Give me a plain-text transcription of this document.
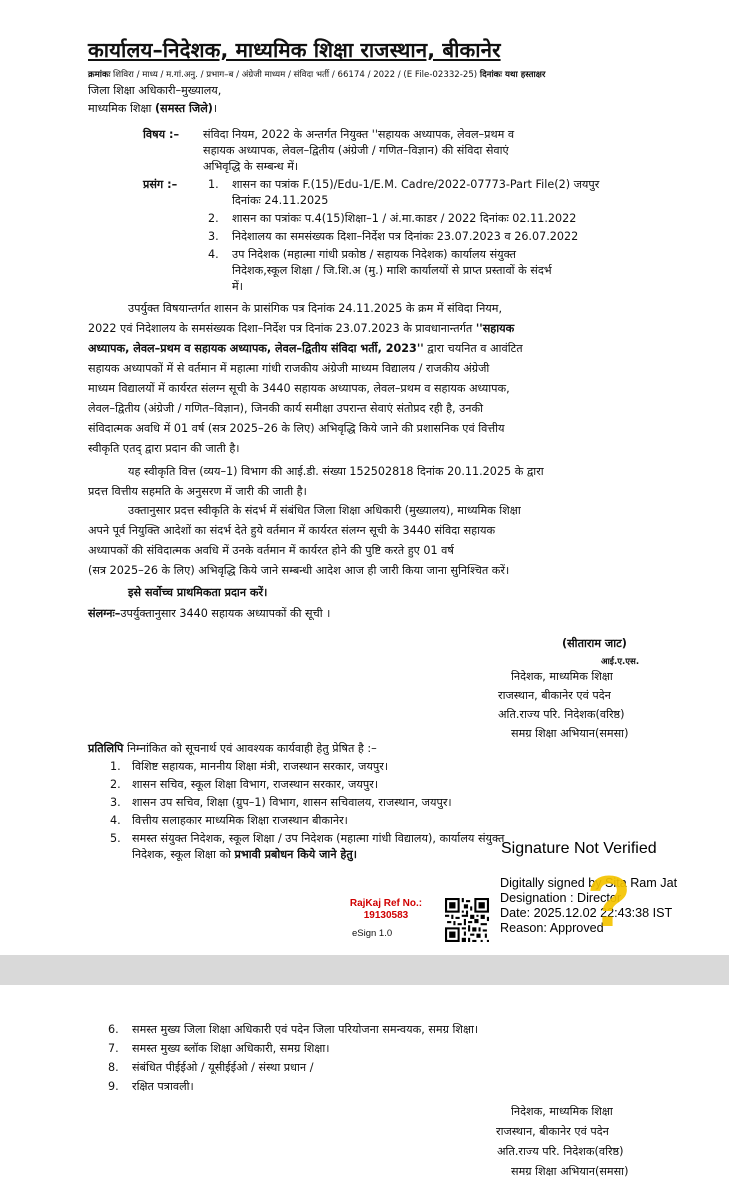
कार्यालय–निदेशक, माध्यमिक शिक्षा राजस्थान, बीकानेर
क्रमांकः शिविरा / माध्य / म.गां.अनु. / प्रभाग–ब / अंग्रेजी माध्यम / संविदा भर्ती / 66174 / 2022 / (E File-02332-25) दिनांकः यथा हस्ताक्षर
जिला शिक्षा अधिकारी–मुख्यालय,
माध्यमिक शिक्षा (समस्त जिले)।
विषय :– संविदा नियम, 2022 के अन्तर्गत नियुक्त ''सहायक अध्यापक, लेवल–प्रथम व
सहायक अध्यापक, लेवल–द्वितीय (अंग्रेजी / गणित–विज्ञान) की संविदा सेवाएं
अभिवृद्धि के सम्बन्ध में।
प्रसंग :–	1. शासन का पत्रांक F.(15)/Edu-1/E.M. Cadre/2022-07773-Part File(2) जयपुर
दिनांकः 24.11.2025
2. शासन का पत्रांकः प.4(15)शिक्षा–1 / अं.मा.काडर / 2022 दिनांकः 02.11.2022
3. निदेशालय का समसंख्यक दिशा–निर्देश पत्र दिनांकः 23.07.2023 व 26.07.2022
4. उप निदेशक (महात्मा गांधी प्रकोष्ठ / सहायक निदेशक) कार्यालय संयुक्त
निदेशक,स्कूल शिक्षा / जि.शि.अ (मु.) माशि कार्यालयों से प्राप्त प्रस्तावों के संदर्भ
में।
उपर्युक्त विषयान्तर्गत शासन के प्रासंगिक पत्र दिनांक 24.11.2025 के क्रम में संविदा नियम,
2022 एवं निदेशालय के समसंख्यक दिशा–निर्देश पत्र दिनांक 23.07.2023 के प्रावधानान्तर्गत ''सहायक
अध्यापक, लेवल–प्रथम व सहायक अध्यापक, लेवल–द्वितीय संविदा भर्ती, 2023'' द्वारा चयनित व आवंटित
सहायक अध्यापकों में से वर्तमान में महात्मा गांधी राजकीय अंग्रेजी माध्यम विद्यालय / राजकीय अंग्रेजी
माध्यम विद्यालयों में कार्यरत संलग्न सूची के 3440 सहायक अध्यापक, लेवल–प्रथम व सहायक अध्यापक,
लेवल–द्वितीय (अंग्रेजी / गणित–विज्ञान), जिनकी कार्य समीक्षा उपरान्त सेवाएं संतोप्रद रही है, उनकी
संविदात्मक अवधि में 01 वर्ष (सत्र 2025–26 के लिए) अभिवृद्धि किये जाने की प्रशासनिक एवं वित्तीय
स्वीकृति एतद् द्वारा प्रदान की जाती है।
यह स्वीकृति वित्त (व्यय–1) विभाग की आई.डी. संख्या 152502818 दिनांक 20.11.2025 के द्वारा
प्रदत्त वित्तीय सहमति के अनुसरण में जारी की जाती है।
उक्तानुसार प्रदत्त स्वीकृति के संदर्भ में संबंधित जिला शिक्षा अधिकारी (मुख्यालय), माध्यमिक शिक्षा
अपने पूर्व नियुक्ति आदेशों का संदर्भ देते हुये वर्तमान में कार्यरत संलग्न सूची के 3440 संविदा सहायक
अध्यापकों की संविदात्मक अवधि में उनके वर्तमान में कार्यरत होने की पुष्टि करते हुए 01 वर्ष
(सत्र 2025–26 के लिए) अभिवृद्धि किये जाने सम्बन्धी आदेश आज ही जारी किया जाना सुनिश्चित करें।
इसे सर्वोच्च प्राथमिकता प्रदान करें।
संलग्नः–उपर्युक्तानुसार 3440 सहायक अध्यापकों की सूची ।
(सीताराम जाट)
आई.ए.एस.
निदेशक, माध्यमिक शिक्षा
राजस्थान, बीकानेर एवं पदेन
अति.राज्य परि. निदेशक(वरिष्ठ)
समग्र शिक्षा अभियान(समसा)
प्रतिलिपि निम्नांकित को सूचनार्थ एवं आवश्यक कार्यवाही हेतु प्रेषित है :–
1. विशिष्ट सहायक, माननीय शिक्षा मंत्री, राजस्थान सरकार, जयपुर।
2. शासन सचिव, स्कूल शिक्षा विभाग, राजस्थान सरकार, जयपुर।
3. शासन उप सचिव, शिक्षा (ग्रुप–1) विभाग, शासन सचिवालय, राजस्थान, जयपुर।
4. वित्तीय सलाहकार माध्यमिक शिक्षा राजस्थान बीकानेर।
5. समस्त संयुक्त निदेशक, स्कूल शिक्षा / उप निदेशक (महात्मा गांधी विद्यालय), कार्यालय संयुक्त
निदेशक, स्कूल शिक्षा को प्रभावी प्रबोधन किये जाने हेतु।	Signature Not Verified
Digitally signed by Sita Ram Jat
Designation : Director
Date: 2025.12.02 22:43:38 IST
Reason: Approved
?
RajKaj Ref No.:
19130583
eSign 1.0
6. समस्त मुख्य जिला शिक्षा अधिकारी एवं पदेन जिला परियोजना समन्वयक, समग्र शिक्षा।
7. समस्त मुख्य ब्लॉक शिक्षा अधिकारी, समग्र शिक्षा।
8. संबंधित पीईईओ / यूसीईईओ / संस्था प्रधान /
9. रक्षित पत्रावली।
निदेशक, माध्यमिक शिक्षा
राजस्थान, बीकानेर एवं पदेन
अति.राज्य परि. निदेशक(वरिष्ठ)
समग्र शिक्षा अभियान(समसा)
